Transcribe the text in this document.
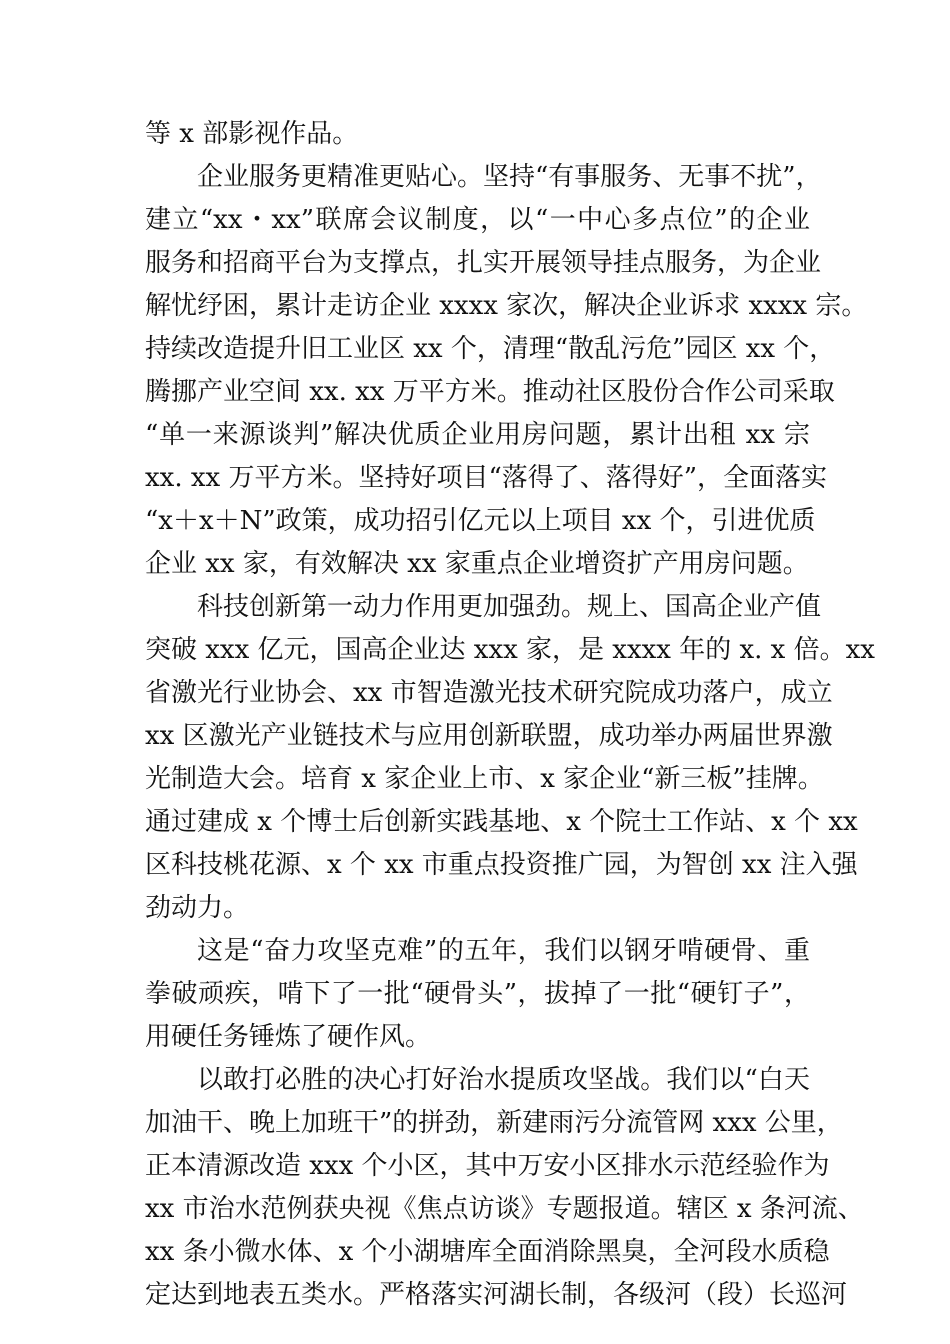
等 x 部影视作品。
企业服务更精准更贴心。坚持“有事服务、无事不扰”，
建立“xx・xx”联席会议制度，以“一中心多点位”的企业
服务和招商平台为支撑点，扎实开展领导挂点服务，为企业
解忧纾困，累计走访企业 xxxx 家次，解决企业诉求 xxxx 宗。
持续改造提升旧工业区 xx 个，清理“散乱污危”园区 xx 个，
腾挪产业空间 xx. xx 万平方米。推动社区股份合作公司采取
“单一来源谈判”解决优质企业用房问题，累计出租 xx 宗
xx. xx 万平方米。坚持好项目“落得了、落得好”，全面落实
“x＋x＋N”政策，成功招引亿元以上项目 xx 个，引进优质
企业 xx 家，有效解决 xx 家重点企业增资扩产用房问题。
科技创新第一动力作用更加强劲。规上、国高企业产值
突破 xxx 亿元，国高企业达 xxx 家，是 xxxx 年的 x. x 倍。xx
省激光行业协会、xx 市智造激光技术研究院成功落户，成立
xx 区激光产业链技术与应用创新联盟，成功举办两届世界激
光制造大会。培育 x 家企业上市、x 家企业“新三板”挂牌。
通过建成 x 个博士后创新实践基地、x 个院士工作站、x 个 xx
区科技桃花源、x 个 xx 市重点投资推广园，为智创 xx 注入强
劲动力。
这是“奋力攻坚克难”的五年，我们以钢牙啃硬骨、重
拳破顽疾，啃下了一批“硬骨头”，拔掉了一批“硬钉子”，
用硬任务锤炼了硬作风。
以敢打必胜的决心打好治水提质攻坚战。我们以“白天
加油干、晚上加班干”的拼劲，新建雨污分流管网 xxx 公里，
正本清源改造 xxx 个小区，其中万安小区排水示范经验作为
xx 市治水范例获央视《焦点访谈》专题报道。辖区 x 条河流、
xx 条小微水体、x 个小湖塘库全面消除黑臭，全河段水质稳
定达到地表五类水。严格落实河湖长制，各级河（段）长巡河
